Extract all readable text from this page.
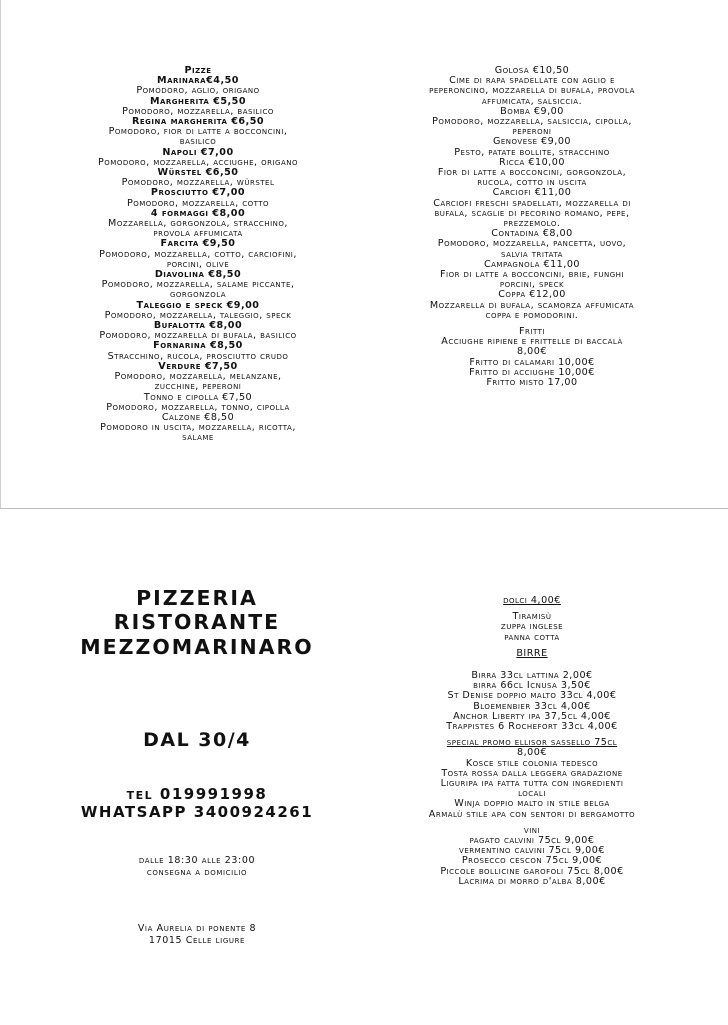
Pizze
Marinara€4,50
Pomodoro, aglio, origano
Margherita €5,50
Pomodoro, mozzarella, basilico
Regina margherita €6,50
Pomodoro, fior di latte a bocconcini,
basilico
Napoli €7,00
Pomodoro, mozzarella, acciughe, origano
Würstel €6,50
Pomodoro, mozzarella, würstel
Prosciutto €7,00
Pomodoro, mozzarella, cotto
4 formaggi €8,00
Mozzarella, gorgonzola, stracchino,
provola affumicata
Farcita €9,50
Pomodoro, mozzarella, cotto, carciofini,
porcini, olive
Diavolina €8,50
Pomodoro, mozzarella, salame piccante,
gorgonzola
Taleggio e speck €9,00
Pomodoro, mozzarella, taleggio, speck
Bufalotta €8,00
Pomodoro, mozzarella di bufala, basilico
Fornarina €8,50
Stracchino, rucola, prosciutto crudo
Verdure €7,50
Pomodoro, mozzarella, melanzane,
zucchine, peperoni
Tonno e cipolla €7,50
Pomodoro, mozzarella, tonno, cipolla
Calzone €8,50
Pomodoro in uscita, mozzarella, ricotta,
salame
Golosa €10,50
Cime di rapa spadellate con aglio e
peperoncino, mozzarella di bufala, provola
affumicata, salsiccia.
Bomba €9,00
Pomodoro, mozzarella, salsiccia, cipolla,
peperoni
Genovese €9,00
Pesto, patate bollite, stracchino
Ricca €10,00
Fior di latte a bocconcini, gorgonzola,
rucola, cotto in uscita
Carciofi €11,00
Carciofi freschi spadellati, mozzarella di
bufala, scaglie di pecorino romano, pepe,
prezzemolo.
Contadina €8,00
Pomodoro, mozzarella, pancetta, uovo,
salvia tritata
Campagnola €11,00
Fior di latte a bocconcini, brie, funghi
porcini, speck
Coppa €12,00
Mozzarella di bufala, scamorza affumicata
coppa e pomodorini.
Fritti
Acciughe ripiene e frittelle di baccalà
8,00€
Fritto di calamari 10,00€
Fritto di acciughe 10,00€
Fritto misto 17,00
PIZZERIA
RISTORANTE
MEZZOMARINARO
DAL 30/4
tel 019991998
WHATSAPP 3400924261
dalle 18:30 alle 23:00
consegna a domicilio
Via Aurelia di ponente 8
17015 Celle ligure
dolci 4,00€
Tiramisù
zuppa inglese
panna cotta
BIRRE
Birra 33cl lattina 2,00€
birra 66cl Icnusa 3,50€
St Denise doppio malto 33cl 4,00€
Bloemenbier 33cl 4,00€
Anchor Liberty ipa 37,5cl 4,00€
Trappistes 6 Rochefort 33cl 4,00€
special promo ellisor sassello 75cl
8,00€
Kosce stile colonia tedesco
Tosta rossa dalla leggera gradazione
Liguripa ipa fatta tutta con ingredienti
locali
Winja doppio malto in stile belga
Armalù stile apa con sentori di bergamotto
vini
pagato calvini 75cl 9,00€
vermentino calvini 75cl 9,00€
Prosecco cescon 75cl 9,00€
Piccole bollicine garofoli 75cl 8,00€
Lacrima di morro d'alba 8,00€
